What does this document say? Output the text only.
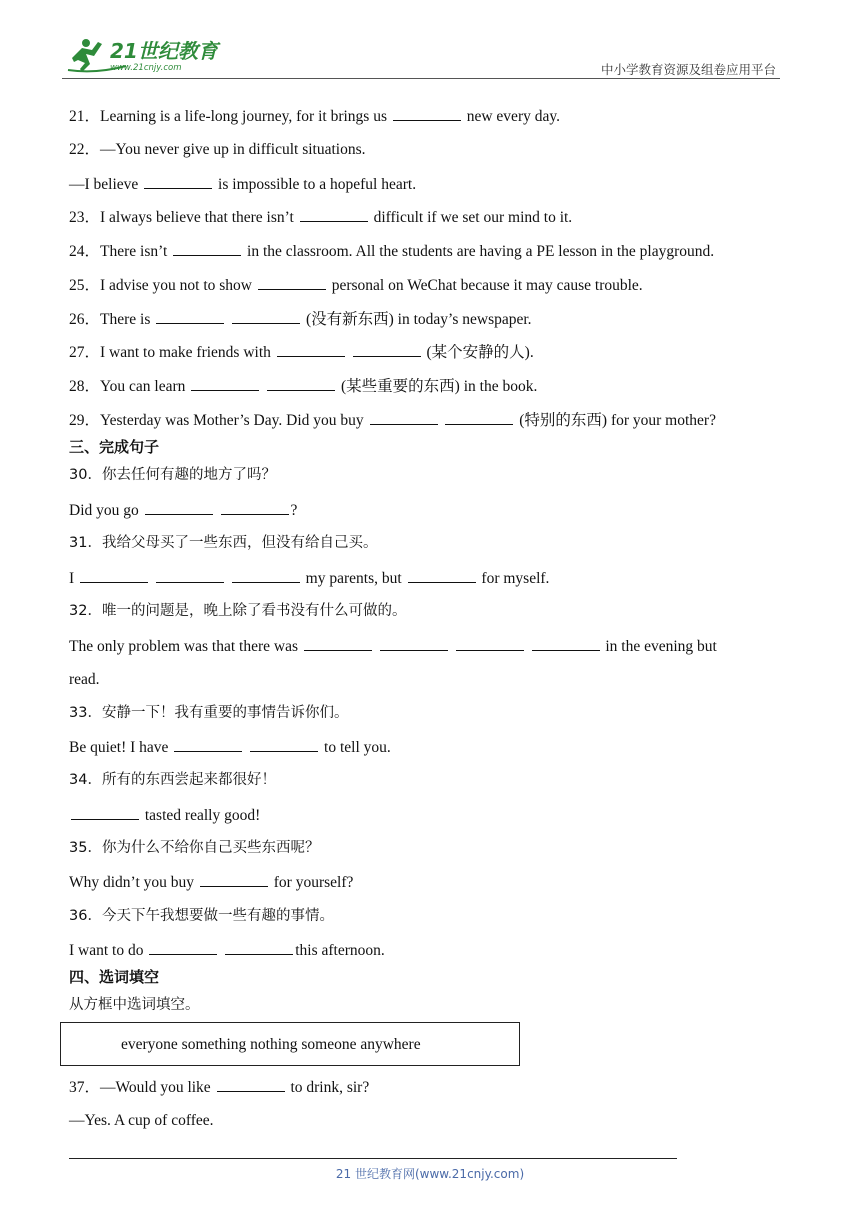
21世纪教育
www.21cnjy.com	中小学教育资源及组卷应用平台
21．Learning is a life-long journey, for it brings us	new every day.
22．—You never give up in difficult situations.
—I believe	is impossible to a hopeful heart.
23．I always believe that there isn’t	difficult if we set our mind to it.
24．There isn’t	in the classroom. All the students are having a PE lesson in the playground.
25．I advise you not to show	personal on WeChat because it may cause trouble.
26．There is	(没有新东西) in today’s newspaper.
27．I want to make friends with	(某个安静的人).
28．You can learn	(某些重要的东西) in the book.
29．Yesterday was Mother’s Day. Did you buy	(特别的东西) for your mother?
三、完成句子
30．你去任何有趣的地方了吗？
Did you go	?
31．我给父母买了一些东西，但没有给自己买。
I	my parents, but	for myself.
32．唯一的问题是，晚上除了看书没有什么可做的。
The only problem was that there was	in the evening but
read.
33．安静一下！我有重要的事情告诉你们。
Be quiet! I have	to tell you.
34．所有的东西尝起来都很好！
tasted really good!
35．你为什么不给你自己买些东西呢？
Why didn’t you buy	for yourself?
36．今天下午我想要做一些有趣的事情。
I want to do	this afternoon.
四、选词填空
从方框中选词填空。
everyone something nothing someone anywhere
37．—Would you like	to drink, sir?
—Yes. A cup of coffee.
21 世纪教育网(www.21cnjy.com)
